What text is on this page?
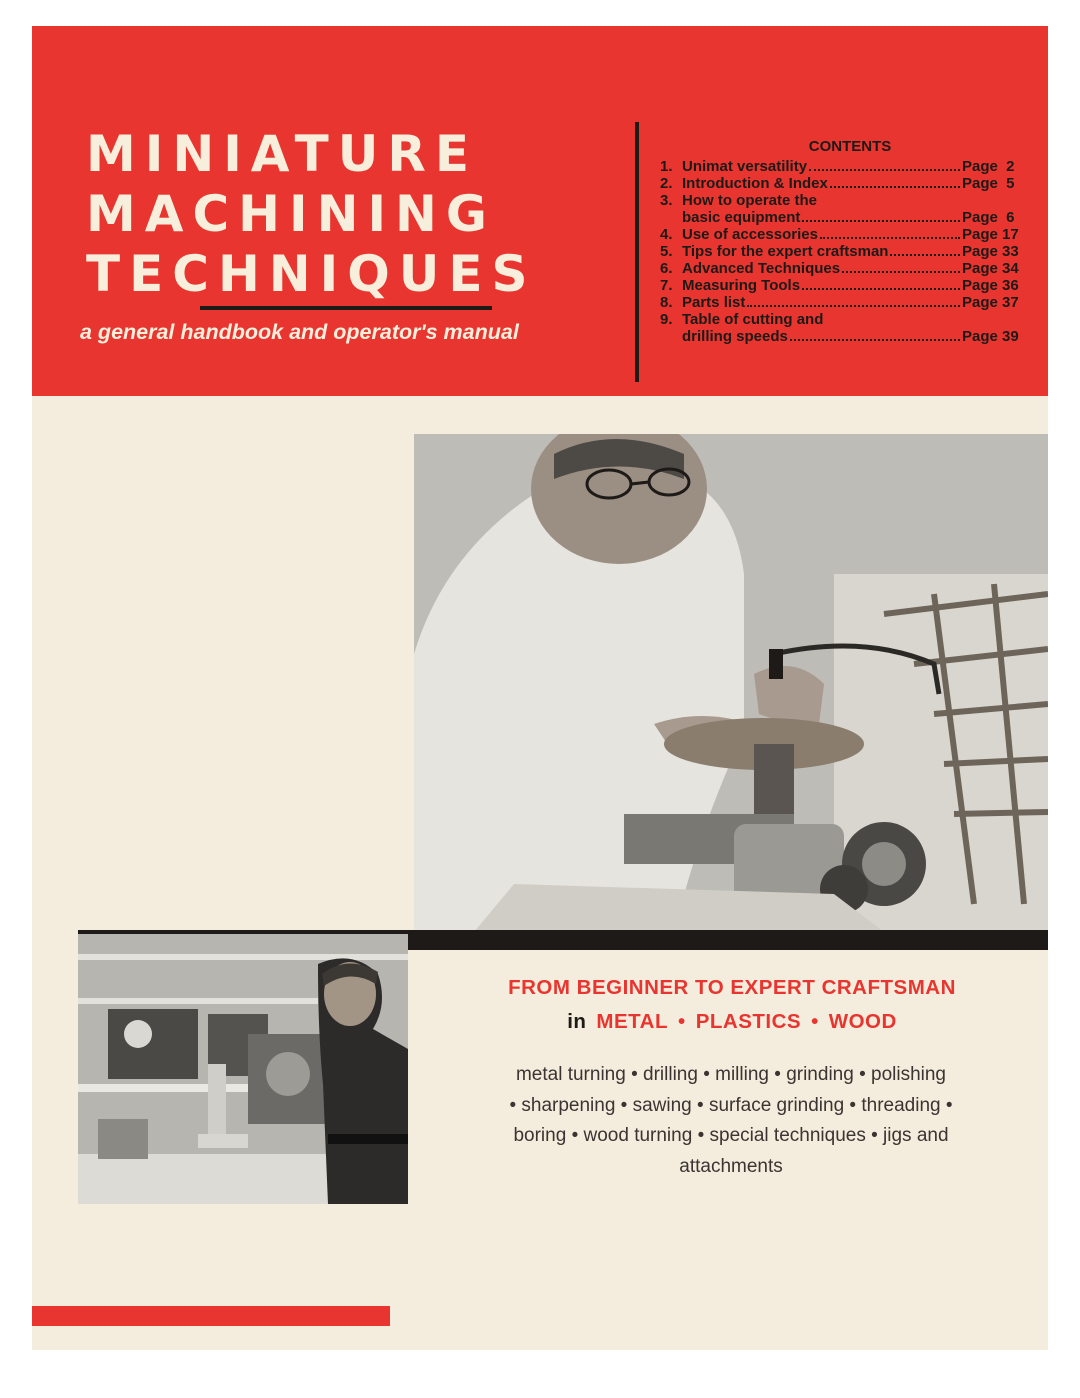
MINIATURE
MACHINING
TECHNIQUES
a general handbook and operator's manual
CONTENTS
1. Unimat versatility	Page  2
2. Introduction & Index	Page  5
3. How to operate the
basic equipment	Page  6
4. Use of accessories	Page 17
5. Tips for the expert craftsman	Page 33
6. Advanced Techniques	Page 34
7. Measuring Tools	Page 36
8. Parts list	Page 37
9. Table of cutting and
drilling speeds	Page 39
FROM BEGINNER TO EXPERT CRAFTSMAN
in METAL • PLASTICS • WOOD
metal turning • drilling • milling • grinding • polishing
• sharpening • sawing • surface grinding • threading •
boring • wood turning • special techniques • jigs and
attachments
